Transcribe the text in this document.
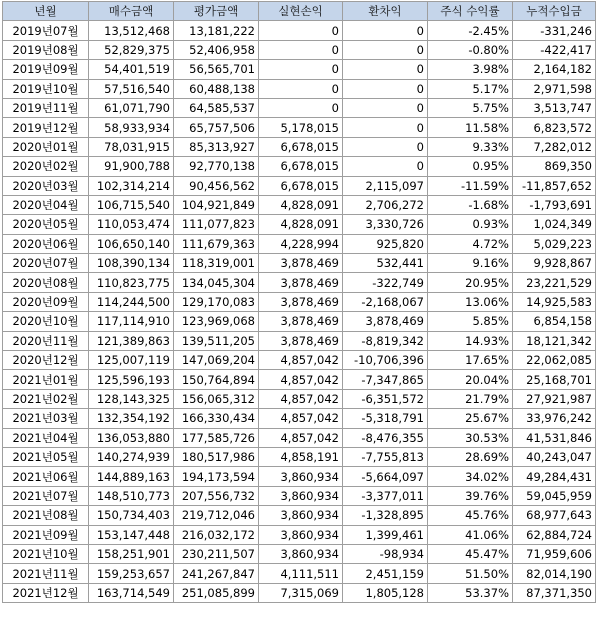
년월	매수금액	평가금액	실현손익	환차익	주식 수익률	누적수입금
2019년07월	13,512,468	13,181,222	0	0	-2.45%	-331,246
2019년08월	52,829,375	52,406,958	0	0	-0.80%	-422,417
2019년09월	54,401,519	56,565,701	0	0	3.98%	2,164,182
2019년10월	57,516,540	60,488,138	0	0	5.17%	2,971,598
2019년11월	61,071,790	64,585,537	0	0	5.75%	3,513,747
2019년12월	58,933,934	65,757,506	5,178,015	0	11.58%	6,823,572
2020년01월	78,031,915	85,313,927	6,678,015	0	9.33%	7,282,012
2020년02월	91,900,788	92,770,138	6,678,015	0	0.95%	869,350
2020년03월	102,314,214	90,456,562	6,678,015	2,115,097	-11.59%	-11,857,652
2020년04월	106,715,540	104,921,849	4,828,091	2,706,272	-1.68%	-1,793,691
2020년05월	110,053,474	111,077,823	4,828,091	3,330,726	0.93%	1,024,349
2020년06월	106,650,140	111,679,363	4,228,994	925,820	4.72%	5,029,223
2020년07월	108,390,134	118,319,001	3,878,469	532,441	9.16%	9,928,867
2020년08월	110,823,775	134,045,304	3,878,469	-322,749	20.95%	23,221,529
2020년09월	114,244,500	129,170,083	3,878,469	-2,168,067	13.06%	14,925,583
2020년10월	117,114,910	123,969,068	3,878,469	3,878,469	5.85%	6,854,158
2020년11월	121,389,863	139,511,205	3,878,469	-8,819,342	14.93%	18,121,342
2020년12월	125,007,119	147,069,204	4,857,042	-10,706,396	17.65%	22,062,085
2021년01월	125,596,193	150,764,894	4,857,042	-7,347,865	20.04%	25,168,701
2021년02월	128,143,325	156,065,312	4,857,042	-6,351,572	21.79%	27,921,987
2021년03월	132,354,192	166,330,434	4,857,042	-5,318,791	25.67%	33,976,242
2021년04월	136,053,880	177,585,726	4,857,042	-8,476,355	30.53%	41,531,846
2021년05월	140,274,939	180,517,986	4,858,191	-7,755,813	28.69%	40,243,047
2021년06월	144,889,163	194,173,594	3,860,934	-5,664,097	34.02%	49,284,431
2021년07월	148,510,773	207,556,732	3,860,934	-3,377,011	39.76%	59,045,959
2021년08월	150,734,403	219,712,046	3,860,934	-1,328,895	45.76%	68,977,643
2021년09월	153,147,448	216,032,172	3,860,934	1,399,461	41.06%	62,884,724
2021년10월	158,251,901	230,211,507	3,860,934	-98,934	45.47%	71,959,606
2021년11월	159,253,657	241,267,847	4,111,511	2,451,159	51.50%	82,014,190
2021년12월	163,714,549	251,085,899	7,315,069	1,805,128	53.37%	87,371,350
